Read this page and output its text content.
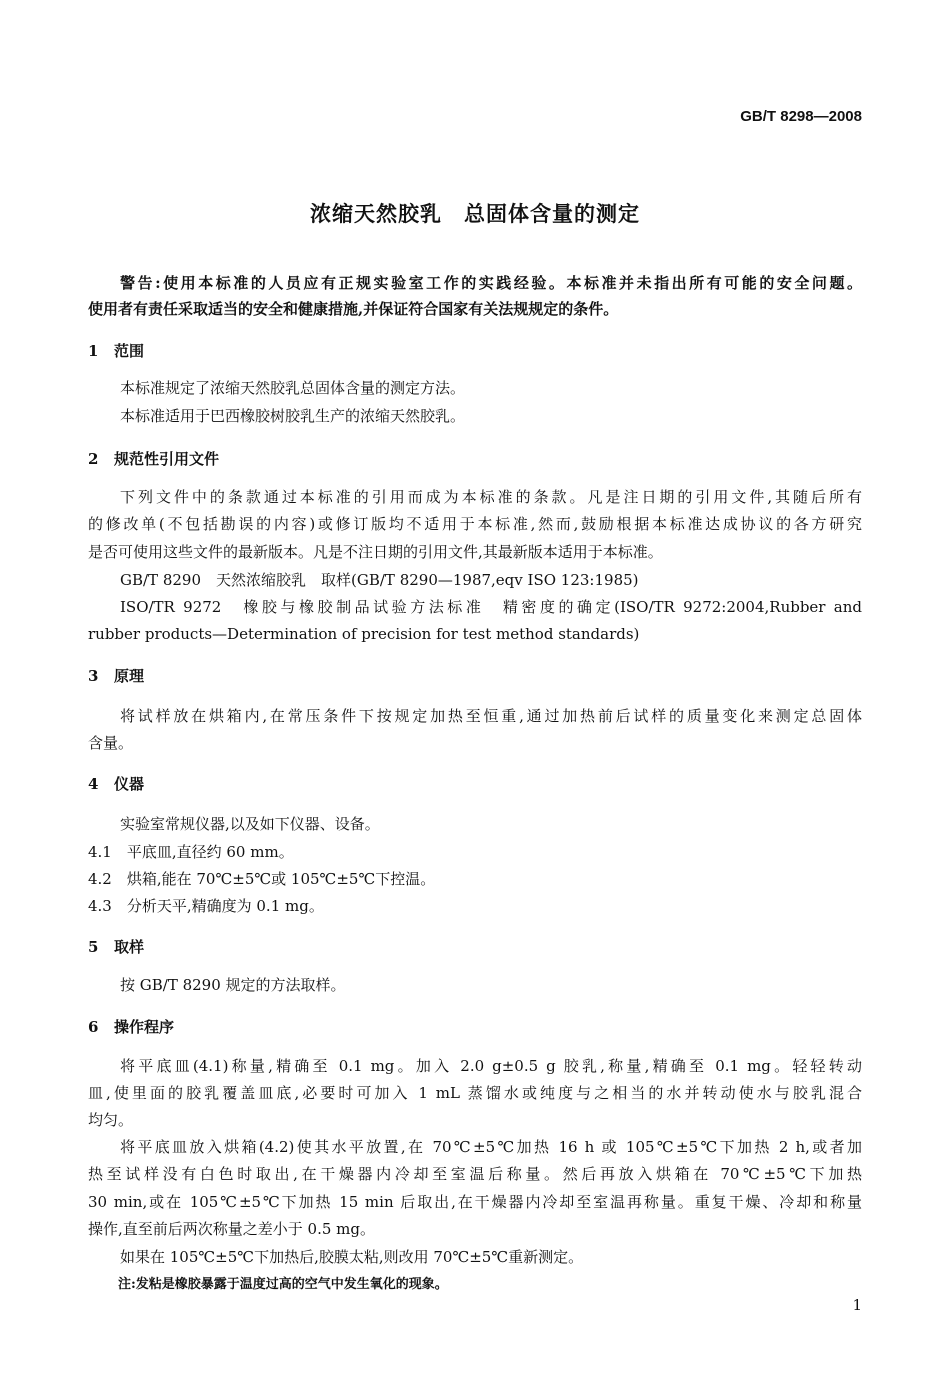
GB/T 8298—2008
浓缩天然胶乳　总固体含量的测定
警告:使用本标准的人员应有正规实验室工作的实践经验。本标准并未指出所有可能的安全问题。
使用者有责任采取适当的安全和健康措施,并保证符合国家有关法规规定的条件。
1 范围
本标准规定了浓缩天然胶乳总固体含量的测定方法。
本标准适用于巴西橡胶树胶乳生产的浓缩天然胶乳。
2 规范性引用文件
下列文件中的条款通过本标准的引用而成为本标准的条款。凡是注日期的引用文件,其随后所有
的修改单(不包括勘误的内容)或修订版均不适用于本标准,然而,鼓励根据本标准达成协议的各方研究
是否可使用这些文件的最新版本。凡是不注日期的引用文件,其最新版本适用于本标准。
GB/T 8290　天然浓缩胶乳　取样(GB/T 8290—1987,eqv ISO 123:1985)
ISO/TR 9272　橡胶与橡胶制品试验方法标准　精密度的确定(ISO/TR 9272:2004,Rubber and
rubber products—Determination of precision for test method standards)
3 原理
将试样放在烘箱内,在常压条件下按规定加热至恒重,通过加热前后试样的质量变化来测定总固体
含量。
4 仪器
实验室常规仪器,以及如下仪器、设备。
4.1　平底皿,直径约 60 mm。
4.2　烘箱,能在 70℃±5℃或 105℃±5℃下控温。
4.3　分析天平,精确度为 0.1 mg。
5 取样
按 GB/T 8290 规定的方法取样。
6 操作程序
将平底皿(4.1)称量,精确至 0.1 mg。加入 2.0 g±0.5 g 胶乳,称量,精确至 0.1 mg。轻轻转动
皿,使里面的胶乳覆盖皿底,必要时可加入 1 mL 蒸馏水或纯度与之相当的水并转动使水与胶乳混合
均匀。
将平底皿放入烘箱(4.2)使其水平放置,在 70℃±5℃加热 16 h 或 105℃±5℃下加热 2 h,或者加
热至试样没有白色时取出,在干燥器内冷却至室温后称量。然后再放入烘箱在 70℃±5℃下加热
30 min,或在 105℃±5℃下加热 15 min 后取出,在干燥器内冷却至室温再称量。重复干燥、冷却和称量
操作,直至前后两次称量之差小于 0.5 mg。
如果在 105℃±5℃下加热后,胶膜太粘,则改用 70℃±5℃重新测定。
注:发粘是橡胶暴露于温度过高的空气中发生氧化的现象。
1
